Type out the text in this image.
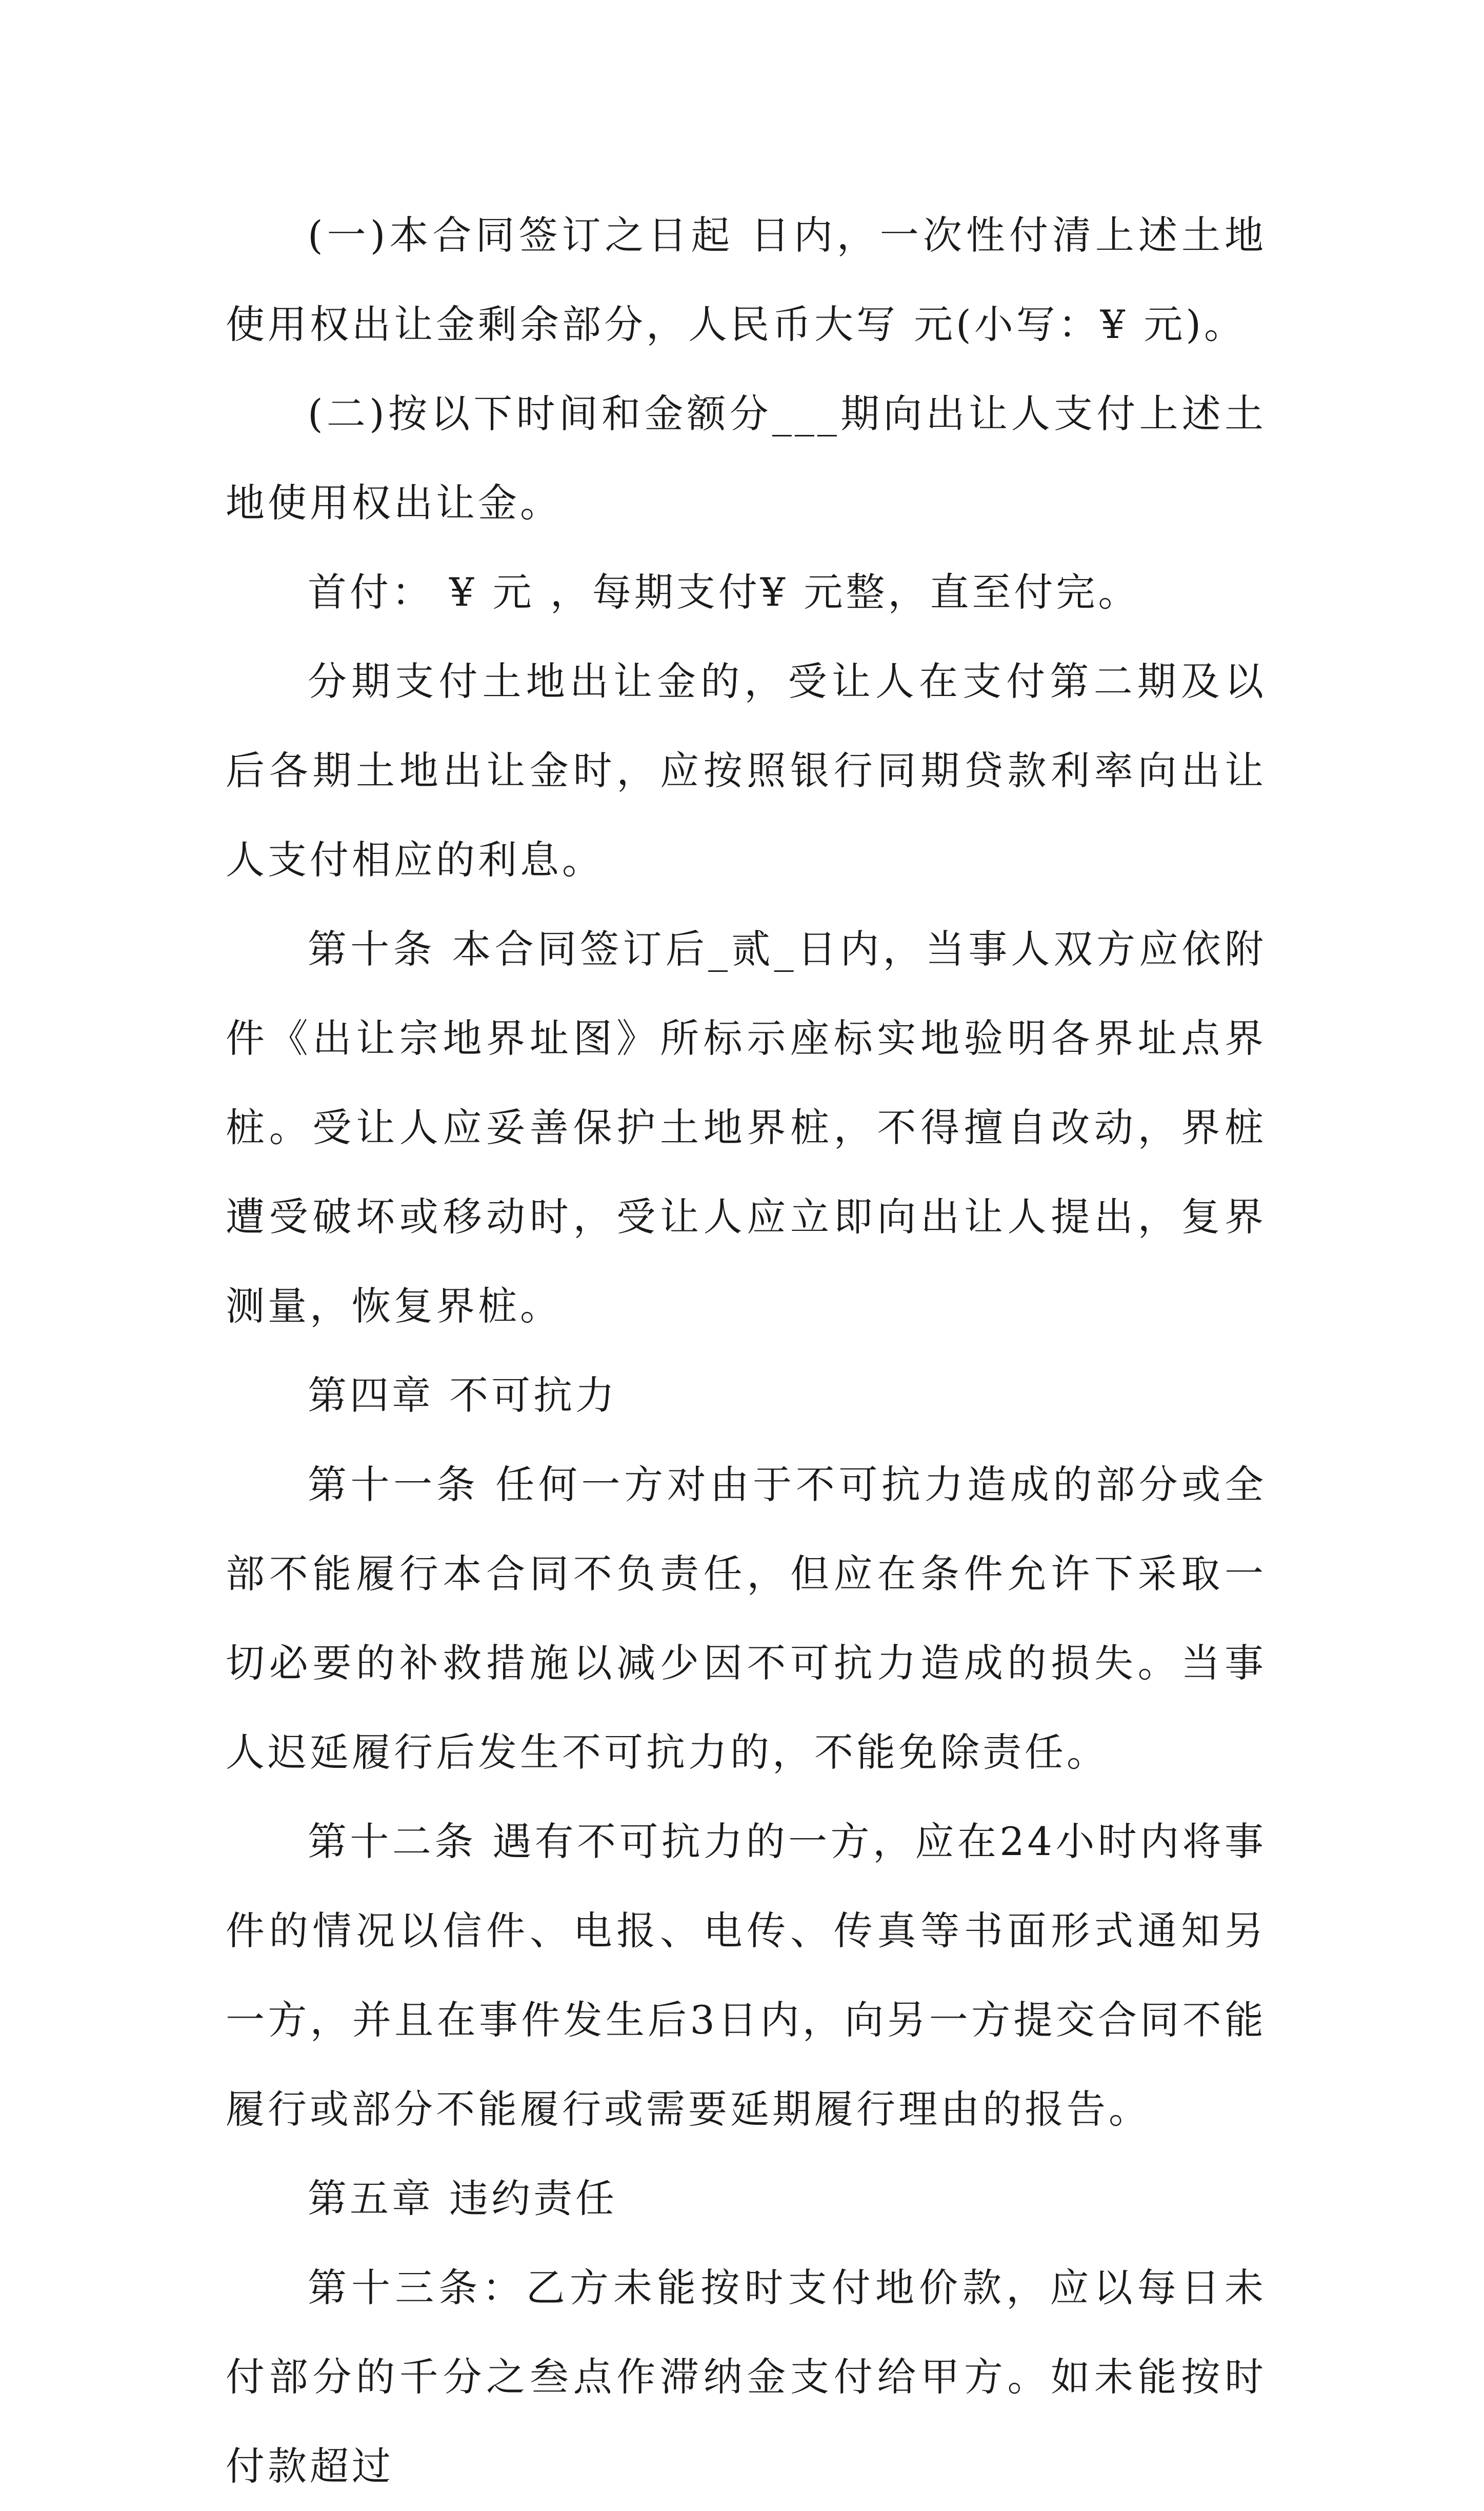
(一)本合同签订之日起 日内，一次性付清上述土地使用权出让金剩余部分，人民币大写 元(小写：¥ 元)。

(二)按以下时间和金额分___期向出让人支付上述土地使用权出让金。

首付： ¥ 元 ，每期支付¥ 元整，直至付完。

分期支付土地出让金的，受让人在支付第二期及以后各期土地出让金时，应按照银行同期贷款利率向出让人支付相应的利息。

第十条 本合同签订后_贰_日内，当事人双方应依附件《出让宗地界址图》所标示座标实地验明各界址点界桩。受让人应妥善保护土地界桩，不得擅自改动，界桩遭受破坏或移动时，受让人应立即向出让人提出，复界测量，恢复界桩。

第四章 不可抗力

第十一条 任何一方对由于不可抗力造成的部分或全部不能履行本合同不负责任，但应在条件允许下采取一切必要的补救措施以减少因不可抗力造成的损失。当事人迟延履行后发生不可抗力的，不能免除责任。

第十二条 遇有不可抗力的一方，应在24小时内将事件的情况以信件、电报、电传、传真等书面形式通知另一方，并且在事件发生后3日内，向另一方提交合同不能履行或部分不能履行或需要延期履行理由的报告。

第五章 违约责任

第十三条：乙方未能按时支付地价款，应以每日未付部分的千分之叁点作滞纳金支付给甲方。如未能按时付款超过
